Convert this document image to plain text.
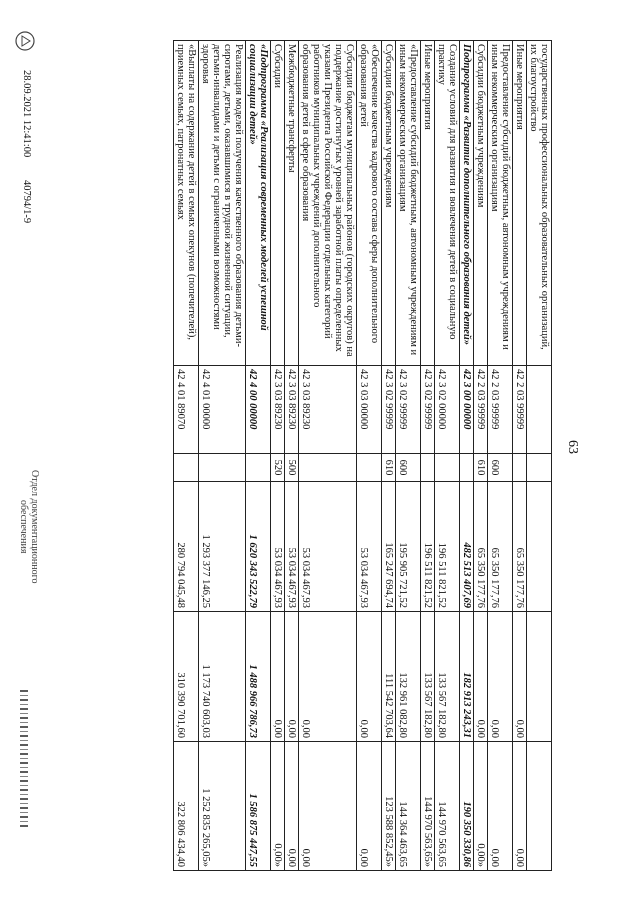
63
государственных профессиональных образовательных организаций, их благоустройство					
Иные мероприятия	42 2 03 99999		65 350 177,76	0,00	0,00
Предоставление субсидий бюджетным, автономным учреждениям и иным некоммерческим организациям	42 2 03 99999	600	65 350 177,76	0,00	0,00
Субсидии бюджетным учреждениям	42 2 03 99999	610	65 350 177,76	0,00	0,00»
Подпрограмма «Развитие дополнительного образования детей»	42 3 00 00000		482 513 407,69	182 913 243,31	190 350 330,86
Создание условий для развития и вовлечения детей в социальную практику	42 3 02 00000		196 511 821,52	133 567 182,80	144 970 563,65
Иные мероприятия	42 3 02 99999		196 511 821,52	133 567 182,80	144 970 563,65»
«Предоставление субсидий бюджетным, автономным учреждениям и иным некоммерческим организациям	42 3 02 99999	600	195 905 721,52	132 961 082,80	144 364 463,65
Субсидии бюджетным учреждениям	42 3 02 99999	610	165 247 694,74	111 542 703,64	123 588 852,45»
«Обеспечение качества кадрового состава сферы дополнительного образования детей	42 3 03 00000		53 034 467,93	0,00	0,00
Субсидии бюджетам муниципальных районов (городских округов) на поддержание достигнутых уровней заработной платы определенных указами Президента Российской Федерации отдельных категорий работников муниципальных учреждений дополнительного образования детей в сфере образования	42 3 03 89230		53 034 467,93	0,00	0,00
Межбюджетные трансферты	42 3 03 89230	500	53 034 467,93	0,00	0,00
Субсидии	42 3 03 89230	520	53 034 467,93	0,00	0,00»
«Подпрограмма «Реализация современных моделей успешной социализации детей»	42 4 00 00000		1 620 343 522,79	1 488 966 786,73	1 586 875 447,55
Реализация моделей получения качественного образования детьми-сиротами, детьми, оказавшимися в трудной жизненной ситуации, детьми-инвалидами и детьми с ограниченными возможностями здоровья	42 4 01 00000		1 293 377 146,25	1 173 740 603,03	1 252 835 265,05»
«Выплаты на содержание детей в семьях опекунов (попечителей), приемных семьях, патронатных семьях	42 4 01 89070		280 794 045,48	310 390 701,60	322 806 434,40
28.09.2021 12:41:00
40794/1-9
Отдел документационного
обеспечения
